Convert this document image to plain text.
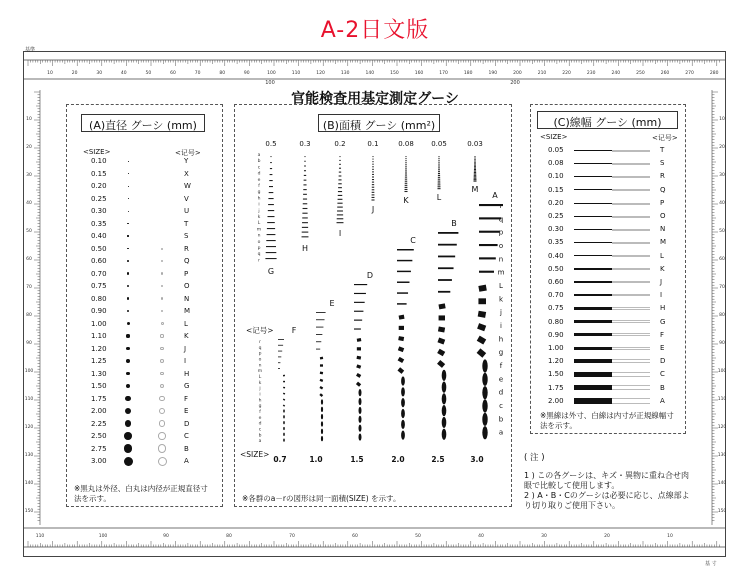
A-2日文版
基準
基 寸
10	20	30	40	50	60	70	80	90	100	110	120	130	140	150	160	170	180	190	200	210	220	230	240	250	260	270	280
100	200
110	100	90	80	70	60	50	40	30	20	10
10
20
30
40
50
60
70
80
90
100
110
120
130
140
150
10
20
30
40
50
60
70
80
90
100
110
120
130
140
150
官能検査用基定測定グーシ
(A)直径 グーシ (mm)
<SIZE>	<记号>
0.10	Y
0.15	X
0.20	W
0.25	V
0.30	U
0.35	T
0.40	S
0.50	R
0.60	Q
0.70	P
0.75	O
0.80	N
0.90	M
1.00	L
1.10	K
1.20	J
1.25	I
1.30	H
1.50	G
1.75	F
2.00	E
2.25	D
2.50	C
2.75	B
3.00	A
※黒丸は外径、白丸は内径が正規直径寸法を示す。
(B)面積 グーシ (mm²)
0.5	0.3	0.2	0.1	0.08 0.05	0.03
a
b
c
d
e
f
g
h
i
j
k
L
m
n
o
p
q
r
G
H
I
J
K	L
M
F
r
q
p
o
n
m
L
k
j
i
h
g
f
e
d
c
b
a
E
D
C
B
A
r
q
p
o
n
m
L
k
j
i
h
g
f
e
d
c
b
a
0.7	1.0	1.5	2.0	2.5	3.0
<SIZE>
<记号>
※各群のa－rの図形は同一面積(SIZE) を示す。
(C)線幅 グーシ (mm)
<SIZE>	<记号>
0.05	T
0.08	S
0.10	R
0.15	Q
0.20	P
0.25	O
0.30	N
0.35	M
0.40	L
0.50	K
0.60	J
0.70	I
0.75	H
0.80	G
0.90	F
1.00	E
1.20	D
1.50	C
1.75	B
2.00	A
※黒線は外寸、白線は内寸が正規線幅寸法を示す。
( 注 )
1 ) この各グーシは、キズ・異物に重ね合せ肉眼で比較して使用します。
2 ) A・B・Cのグーシは必要に応じ、点線部より切り取りご使用下さい。
